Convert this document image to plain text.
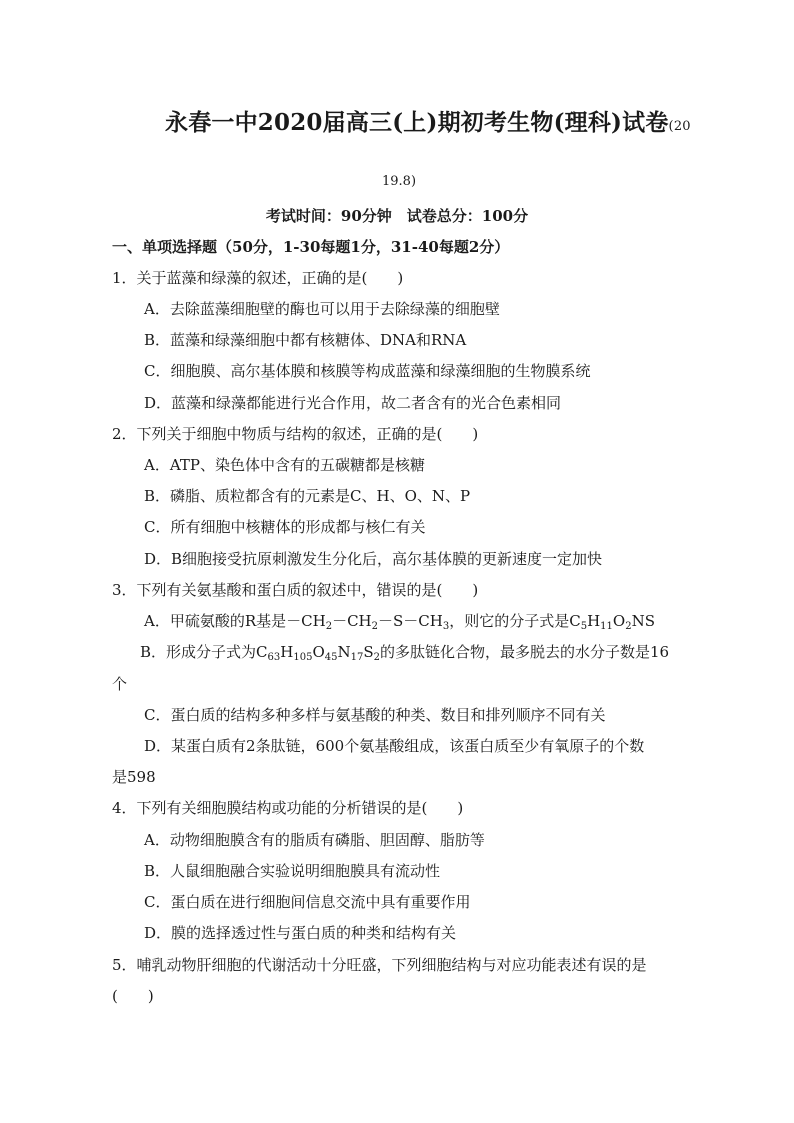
永春一中2020届高三(上)期初考生物(理科)试卷(20
19.8)
考试时间：90分钟　试卷总分：100分
一、单项选择题（50分，1-30每题1分，31-40每题2分）
1．关于蓝藻和绿藻的叙述，正确的是(　　)
A．去除蓝藻细胞壁的酶也可以用于去除绿藻的细胞壁
B．蓝藻和绿藻细胞中都有核糖体、DNA和RNA
C．细胞膜、高尔基体膜和核膜等构成蓝藻和绿藻细胞的生物膜系统
D．蓝藻和绿藻都能进行光合作用，故二者含有的光合色素相同
2．下列关于细胞中物质与结构的叙述，正确的是(　　)
A．ATP、染色体中含有的五碳糖都是核糖
B．磷脂、质粒都含有的元素是C、H、O、N、P
C．所有细胞中核糖体的形成都与核仁有关
D．B细胞接受抗原刺激发生分化后，高尔基体膜的更新速度一定加快
3．下列有关氨基酸和蛋白质的叙述中，错误的是(　　)
A．甲硫氨酸的R基是$-CH_2-CH_2-S-CH_3$，则它的分子式是$C_5H_{11}O_2NS$
B．形成分子式为$C_{63}H_{105}O_{45}N_{17}S_2$的多肽链化合物，最多脱去的水分子数是16
个
C．蛋白质的结构多种多样与氨基酸的种类、数目和排列顺序不同有关
D．某蛋白质有2条肽链，600个氨基酸组成，该蛋白质至少有氧原子的个数
是598
4．下列有关细胞膜结构或功能的分析错误的是(　　)
A．动物细胞膜含有的脂质有磷脂、胆固醇、脂肪等
B．人鼠细胞融合实验说明细胞膜具有流动性
C．蛋白质在进行细胞间信息交流中具有重要作用
D．膜的选择透过性与蛋白质的种类和结构有关
5．哺乳动物肝细胞的代谢活动十分旺盛，下列细胞结构与对应功能表述有误的是
(　　)
